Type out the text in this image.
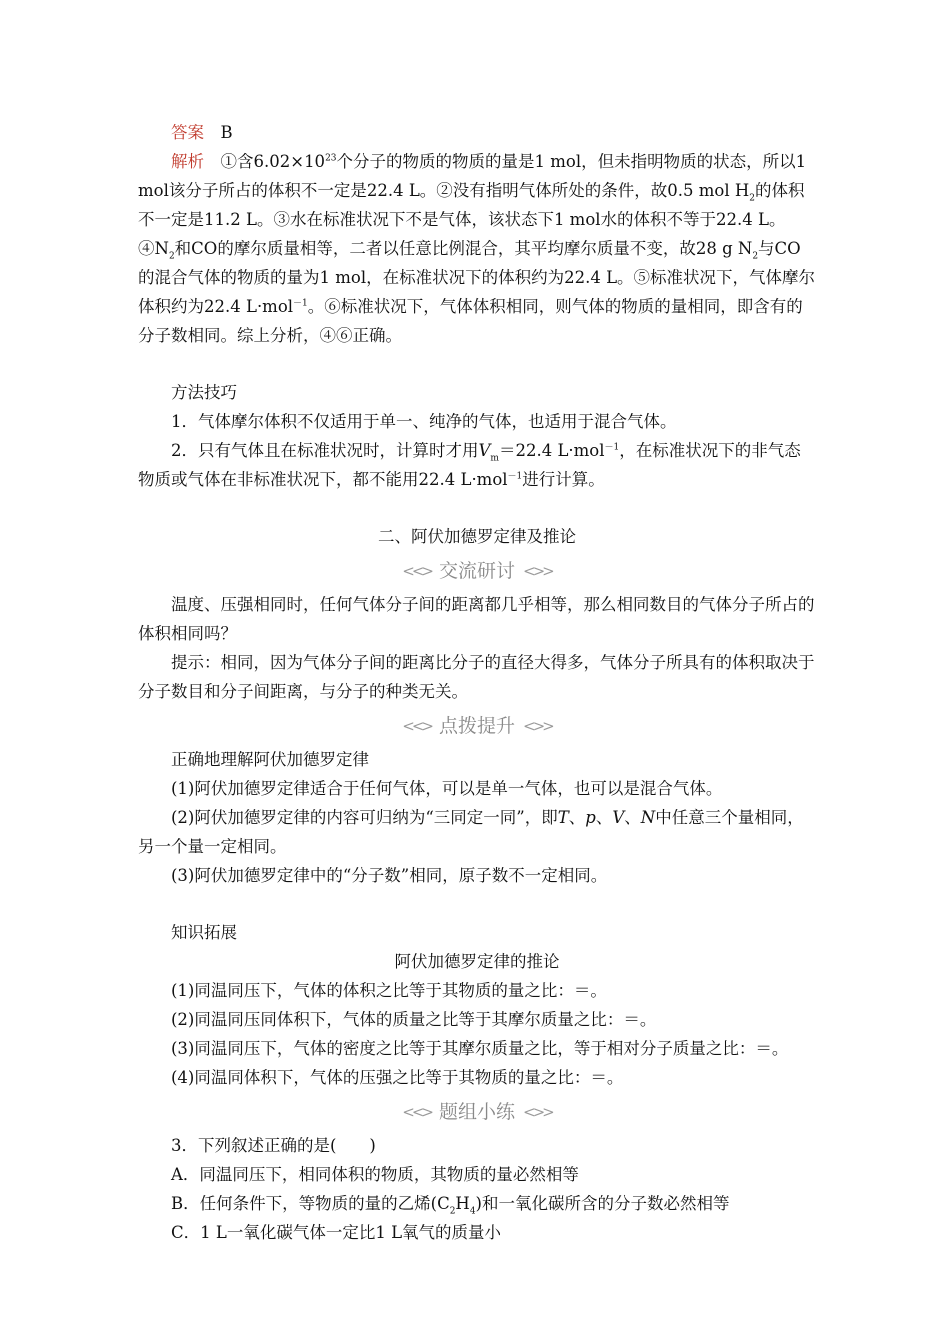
答案　 B

解析　 ①含$6.02\times 10^{23}$个分子的物质的物质的量是1 mol，但未指明物质的状态，所以1 mol该分子所占的体积不一定是22.4 L。②没有指明气体所处的条件，故0.5 mol $H_2$的体积不一定是11.2 L。③水在标准状况下不是气体，该状态下1 mol水的体积不等于22.4 L。$④N_2$和CO的摩尔质量相等，二者以任意比例混合，其平均摩尔质量不变，故28 g $N_2$与CO的混合气体的物质的量为1 mol，在标准状况下的体积约为22.4 L。⑤标准状况下，气体摩尔体积约为22.4 L·mol$^{-1}$。⑥标准状况下，气体体积相同，则气体的物质的量相同，即含有的分子数相同。综上分析，④⑥正确。

方法技巧

1．气体摩尔体积不仅适用于单一、纯净的气体，也适用于混合气体。

2．只有气体且在标准状况时，计算时才用$V_m=22.4$ L·mol$^{-1}$，在标准状况下的非气态物质或气体在非标准状况下，都不能用22.4 L·mol$^{-1}$进行计算。

二、阿伏加德罗定律及推论

<<> 交流研讨 <>>

温度、压强相同时，任何气体分子间的距离都几乎相等，那么相同数目的气体分子所占的体积相同吗？

提示：相同，因为气体分子间的距离比分子的直径大得多，气体分子所具有的体积取决于分子数目和分子间距离，与分子的种类无关。

<<> 点拨提升 <>>

正确地理解阿伏加德罗定律

(1)阿伏加德罗定律适合于任何气体，可以是单一气体，也可以是混合气体。

(2)阿伏加德罗定律的内容可归纳为“三同定一同”，即T、p、V、N中任意三个量相同，另一个量一定相同。

(3)阿伏加德罗定律中的“分子数”相同，原子数不一定相同。

知识拓展

阿伏加德罗定律的推论

(1)同温同压下，气体的体积之比等于其物质的量之比：＝。

(2)同温同压同体积下，气体的质量之比等于其摩尔质量之比：＝。

(3)同温同压下，气体的密度之比等于其摩尔质量之比，等于相对分子质量之比：＝。

(4)同温同体积下，气体的压强之比等于其物质的量之比：＝。

<<> 题组小练 <>>

3．下列叙述正确的是(　　)

A．同温同压下，相同体积的物质，其物质的量必然相等

B．任何条件下，等物质的量的乙烯$(C_2H_4)$和一氧化碳所含的分子数必然相等

C．1 L一氧化碳气体一定比1 L氧气的质量小
